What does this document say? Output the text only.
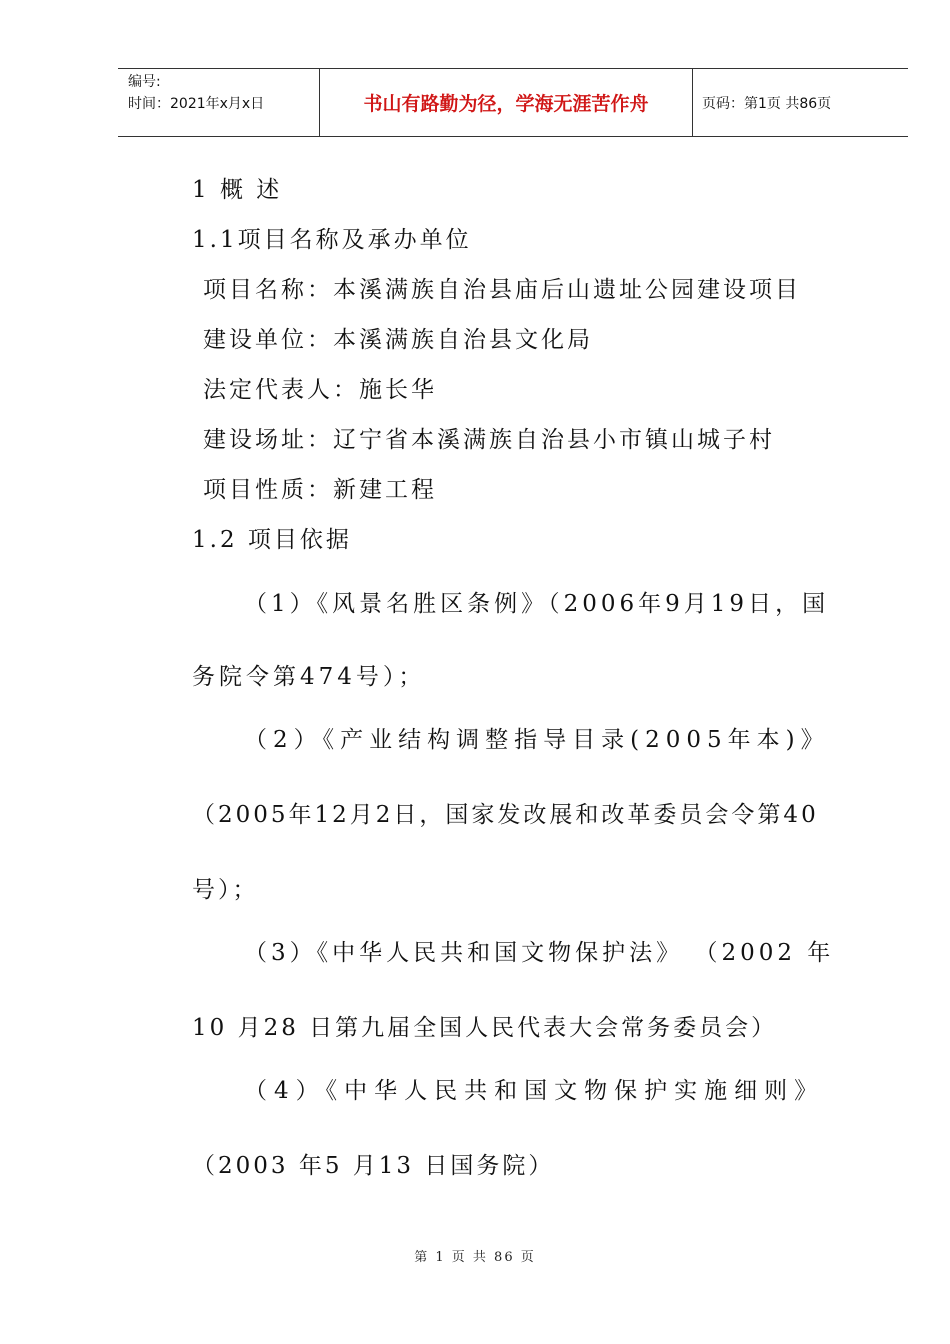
编号:
时间：2021年x月x日	书山有路勤为径，学海无涯苦作舟	页码：第1页 共86页
1 概 述
1.1项目名称及承办单位
项目名称：本溪满族自治县庙后山遗址公园建设项目
建设单位：本溪满族自治县文化局
法定代表人：施长华
建设场址：辽宁省本溪满族自治县小市镇山城子村
项目性质：新建工程
1.2 项目依据
（1）《风景名胜区条例》（2006年9月19日，国
务院令第474号）；
（2）《产业结构调整指导目录(2005年本)》
（2005年12月2日，国家发改展和改革委员会令第40
号）；
（3）《中华人民共和国文物保护法》 （2002 年
10 月28 日第九届全国人民代表大会常务委员会）
（4）《中华人民共和国文物保护实施细则》
（2003 年5 月13 日国务院）
第 1 页 共 86 页
